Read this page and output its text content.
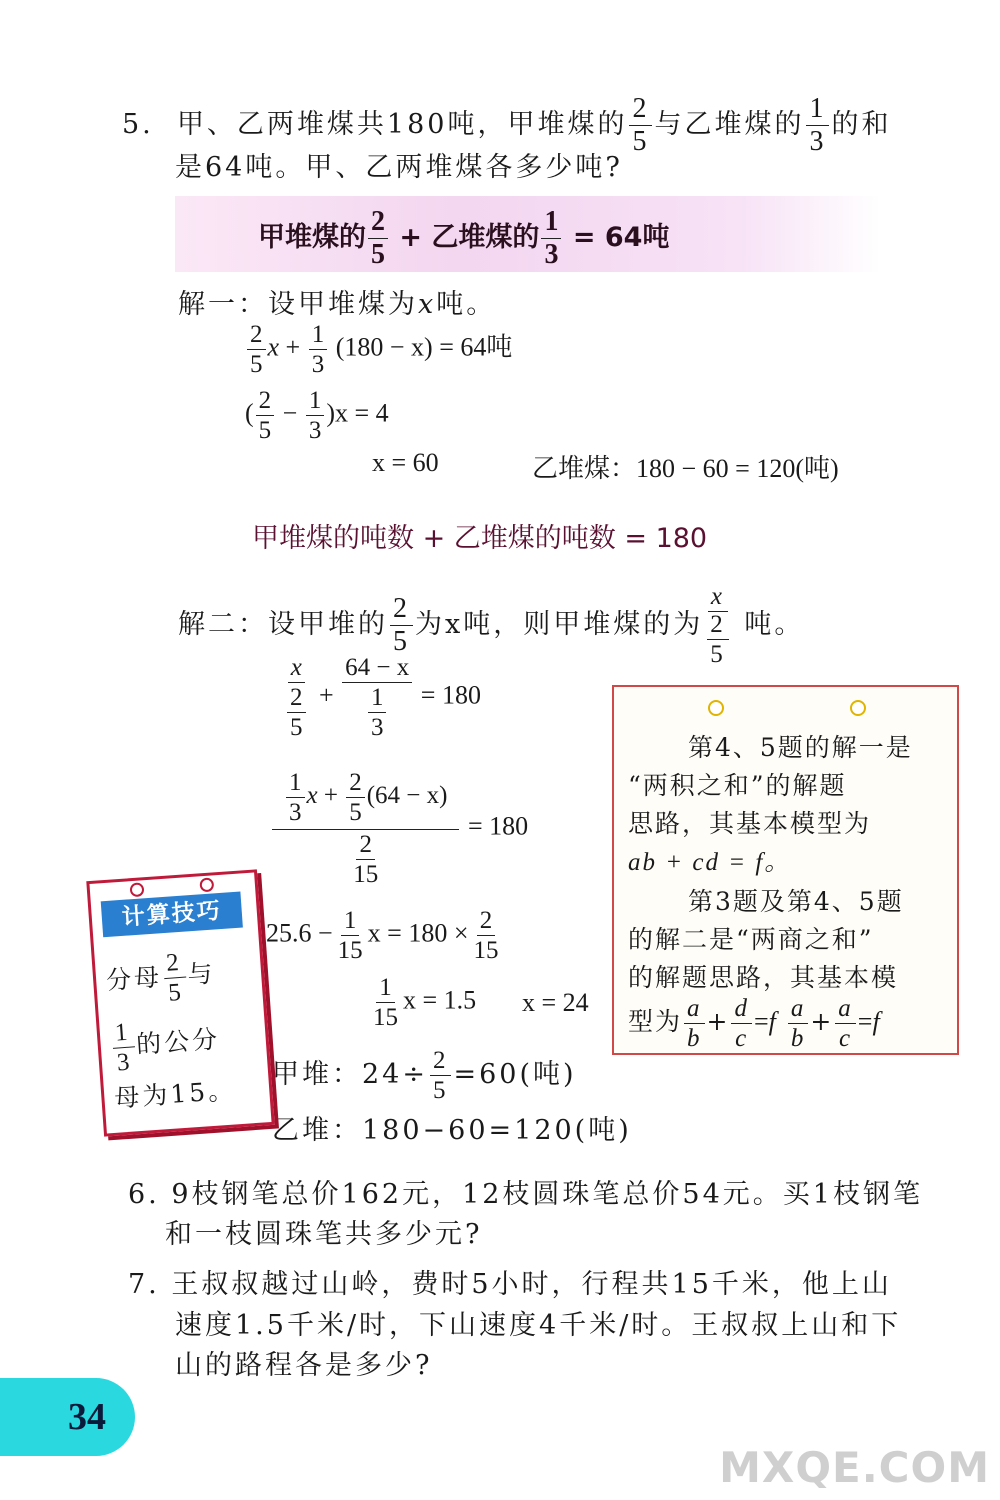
5. 甲、乙两堆煤共180吨，甲堆煤的 $\frac{2}{5}$ 与乙堆煤的 $\frac{1}{3}$ 的和
是64吨。甲、乙两堆煤各多少吨?
甲堆煤的 $\frac{2}{5}$ + 乙堆煤的 $\frac{1}{3} = 64$吨
解一：设甲堆煤为x吨。
$\frac{2}{5}$ $x + \frac{1}{3} (180 - x) = 64$吨
( $\frac{2}{5} - \frac{1}{3} )x = 4$
x = 60	乙堆煤：180 − 60 = 120(吨)
甲堆煤的吨数 + 乙堆煤的吨数 = 180
解二：设甲堆的 $\frac{2}{5}$ 为x吨，则甲堆煤的为 $\frac{x}{\frac{2}{5}}$ 吨。
$\frac{x}{\frac{2}{5}} + \frac{64 - x}{\frac{1}{3}} = 180$
$\frac{\frac{1}{3} x + \frac{2}{5} (64 - x)}{\frac{2}{15}} = 180$
$25.6 - \frac{1}{15}$ $x = 180 \times \frac{2}{15}$
$\frac{1}{15}$ x = 1.5 x = 24
甲堆：$24\div \frac{2}{5} =60$(吨)
乙堆：180−60=120(吨)
第4、5题的解一是
“两积之和”的解题
思路，其基本模型为
ab + cd = f。
第3题及第4、5题
的解二是“两商之和”
的解题思路，其基本模
型为 $\frac{a}{b} + \frac{d}{c} =f \frac{a}{b} + \frac{a}{c} =f$
计算技巧
分母 $\frac{2}{5}$
与
$\frac{1}{3}$
的公分
母为15。
6. 9枝钢笔总价162元，12枝圆珠笔总价54元。买1枝钢笔
和一枝圆珠笔共多少元?
7. 王叔叔越过山岭，费时5小时，行程共15千米，他上山
速度1.5千米/时，下山速度4千米/时。王叔叔上山和下
山的路程各是多少?
34
MXQE.COM
